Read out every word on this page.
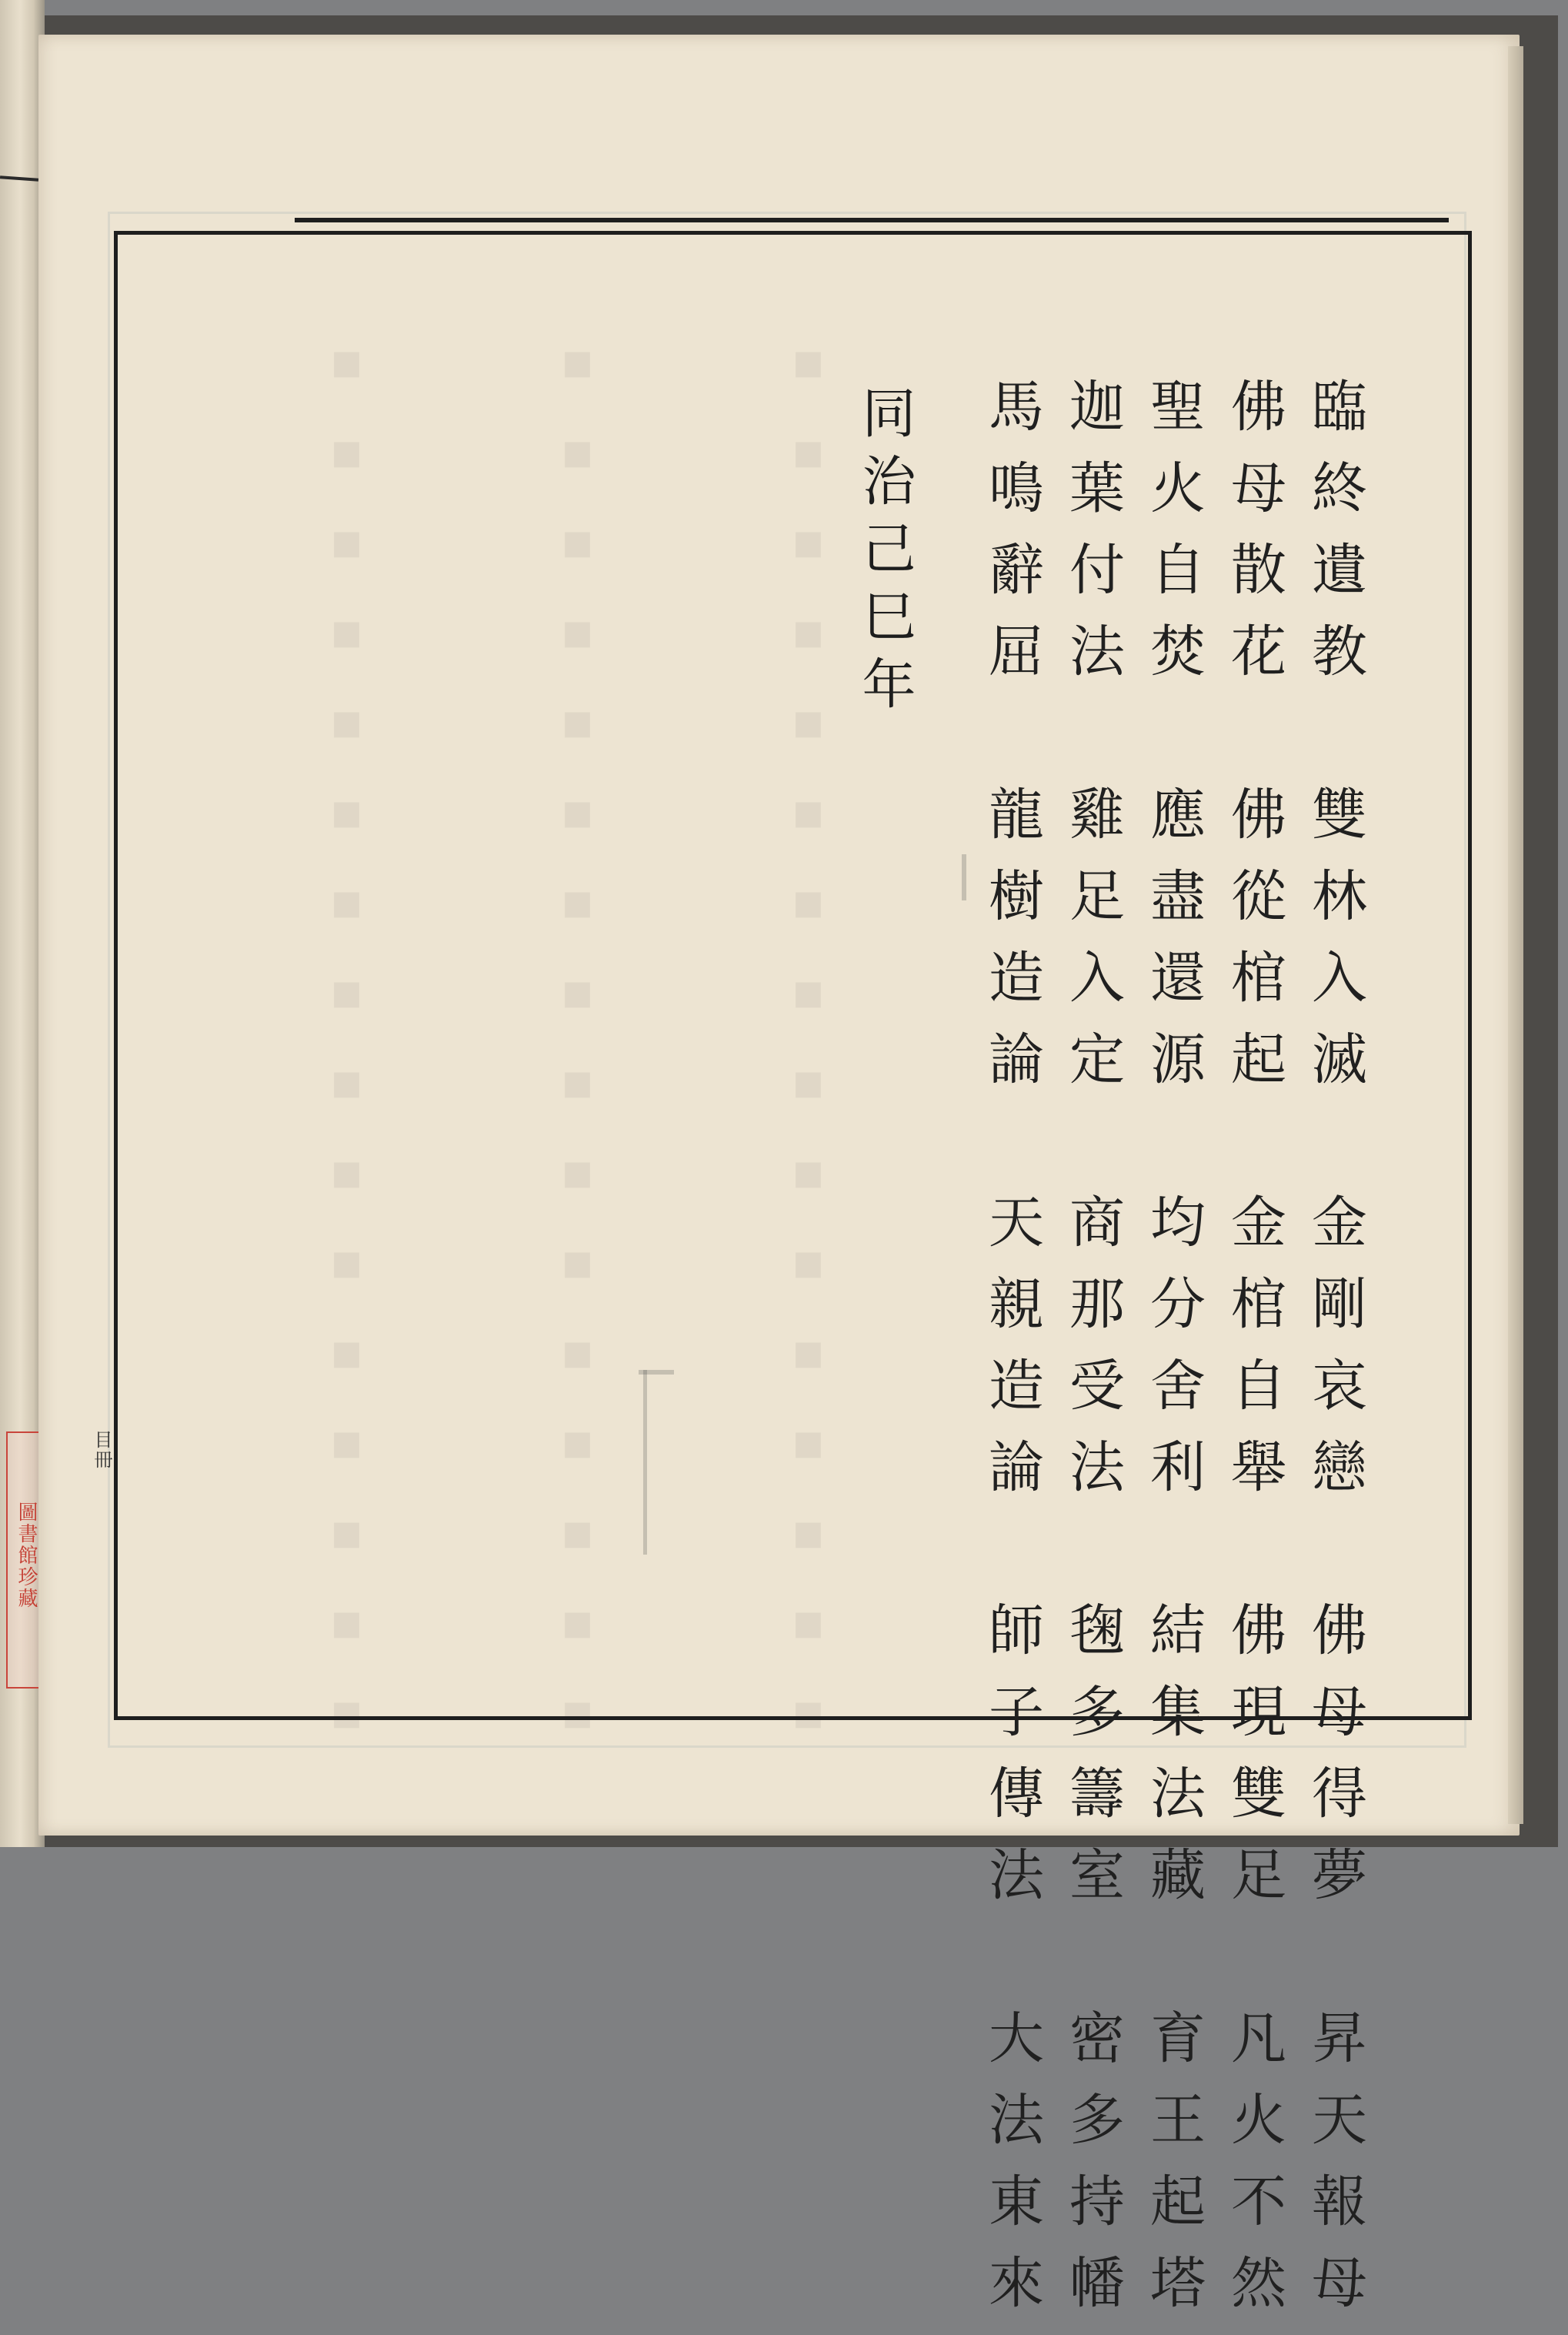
圖書館珍藏	▪▪▪▪▪▪▪▪▪▪▪▪▪▪▪▪
▪▪▪▪▪▪▪▪▪▪▪▪▪▪▪▪
▪▪▪▪▪▪▪▪▪▪▪▪▪▪▪▪	臨終遺教　雙林入滅　金剛哀戀　佛母得夢　昇天報母
佛母散花　佛從棺起　金棺自舉　佛現雙足　凡火不然
聖火自焚　應盡還源　均分舍利　結集法藏　育王起塔
迦葉付法　雞足入定　商那受法　毱多籌室　密多持幡
馬鳴辭屈　龍樹造論　天親造論　師子傳法　大法東來
同治己巳年
目冊
